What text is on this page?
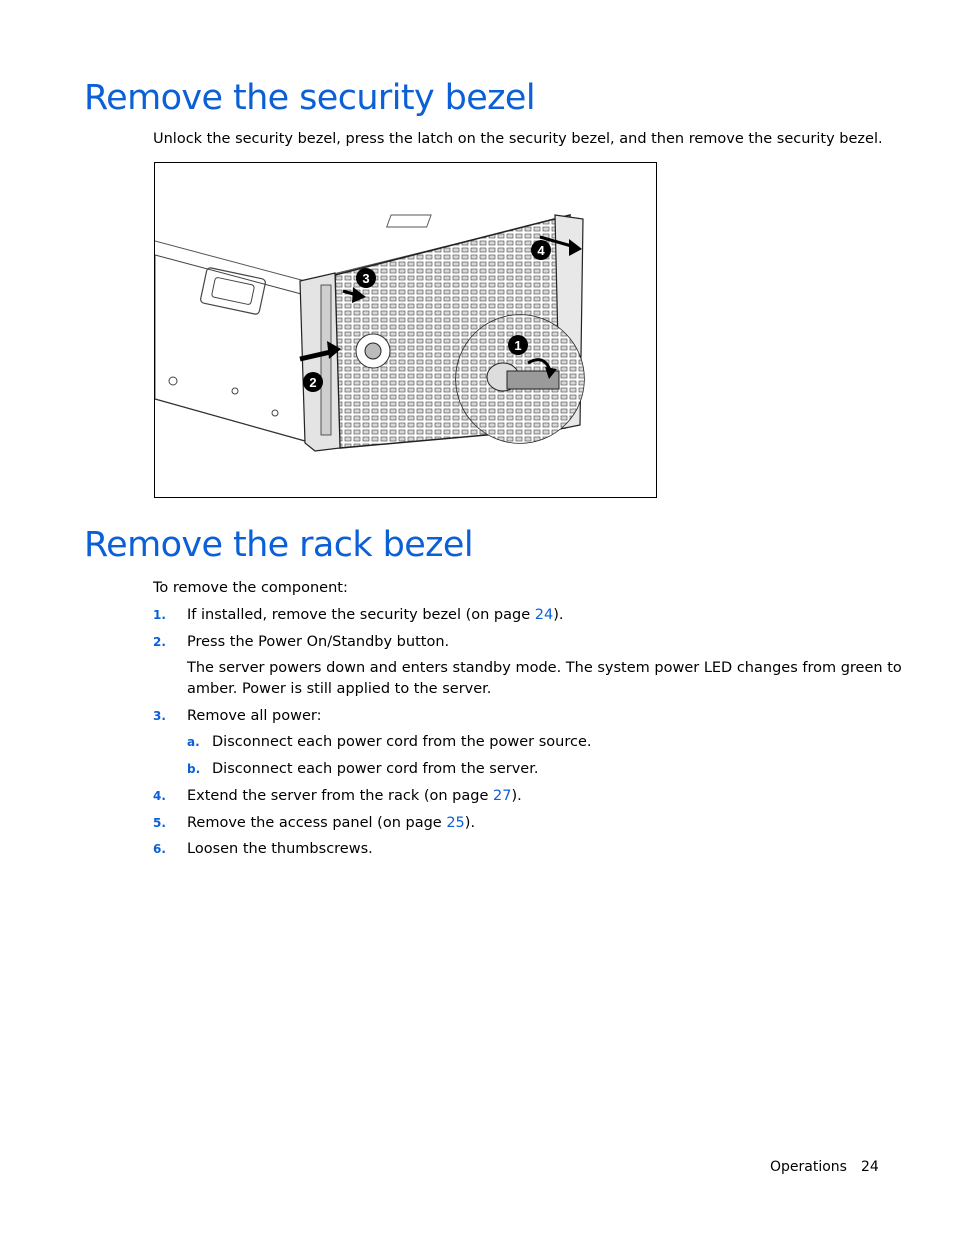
Remove the security bezel

Unlock the security bezel, press the latch on the security bezel, and then remove the security bezel.

1
2
3
4
Remove the rack bezel

To remove the component:

1. If installed, remove the security bezel (on page 24).
2. Press the Power On/Standby button.
The server powers down and enters standby mode. The system power LED changes from green to
amber. Power is still applied to the server.
3. Remove all power:
a. Disconnect each power cord from the power source.
b. Disconnect each power cord from the server.
4. Extend the server from the rack (on page 27).
5. Remove the access panel (on page 25).
6. Loosen the thumbscrews.
Operations 24
